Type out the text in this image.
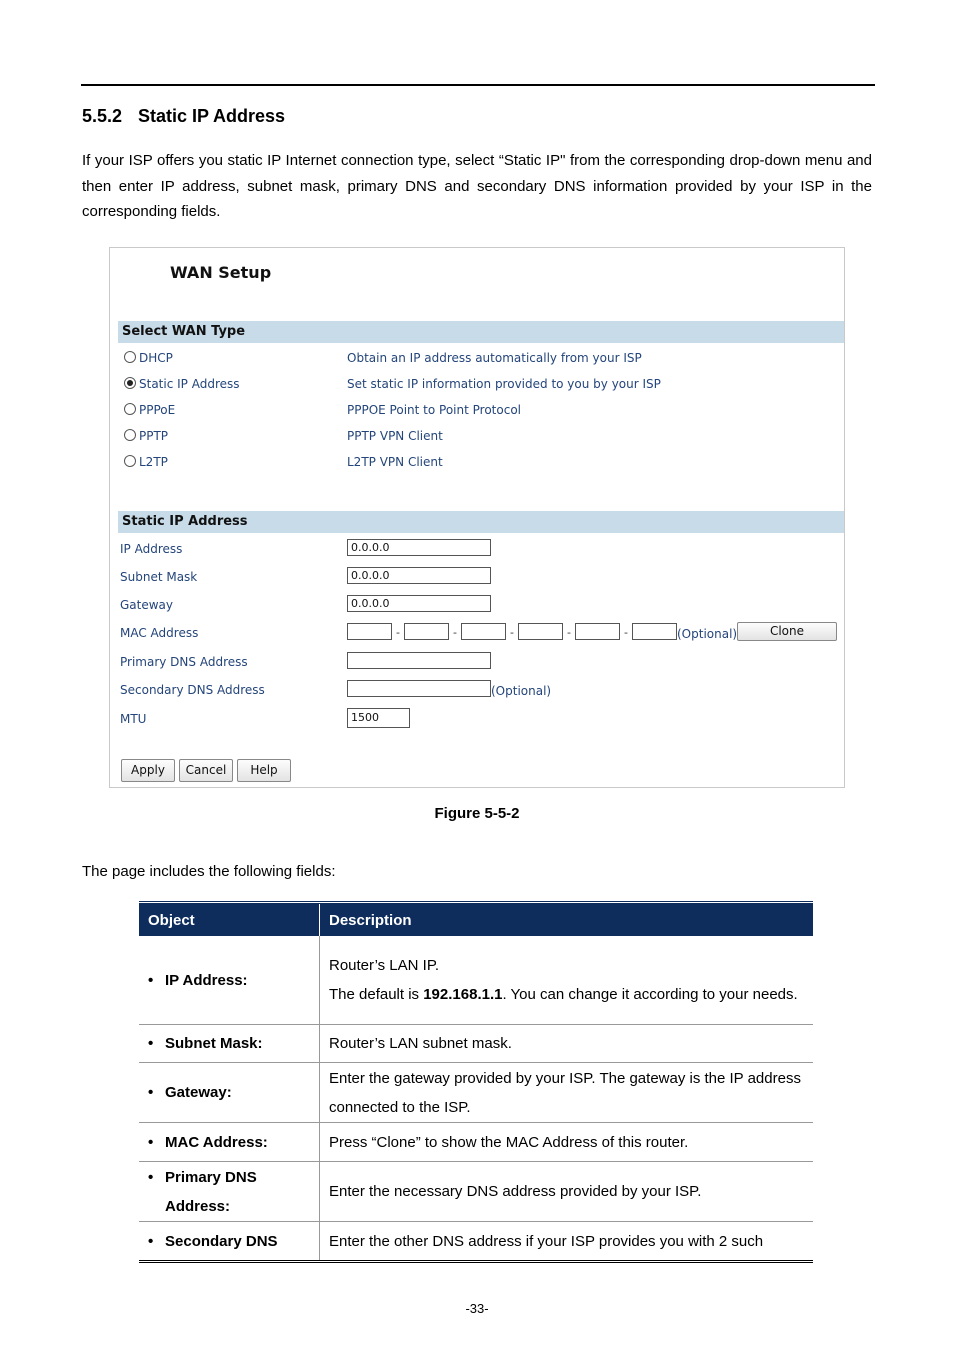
5.5.2 Static IP Address
If your ISP offers you static IP Internet connection type, select “Static IP" from the corresponding drop-down menu and then enter IP address, subnet mask, primary DNS and secondary DNS information provided by your ISP in the corresponding fields.
WAN Setup
Select WAN Type
DHCP	Obtain an IP address automatically from your ISP
Static IP Address	Set static IP information provided to you by your ISP
PPPoE	PPPOE Point to Point Protocol
PPTP	PPTP VPN Client
L2TP	L2TP VPN Client
Static IP Address
IP Address	0.0.0.0
Subnet Mask	0.0.0.0
Gateway	0.0.0.0
MAC Address	-	-	-	-	-	(Optional)	Clone
Primary DNS Address
Secondary DNS Address	(Optional)
MTU	1500
Apply	Cancel	Help
Figure 5-5-2
The page includes the following fields:
Object	Description
• IP Address:	Router’s LAN IP.
The default is 192.168.1.1. You can change it according to your needs.

• Subnet Mask:	Router’s LAN subnet mask.
• Gateway:	Enter the gateway provided by your ISP. The gateway is the IP address connected to the ISP.
• MAC Address:	Press “Clone” to show the MAC Address of this router.
• Primary DNS
Address:	Enter the necessary DNS address provided by your ISP.
• Secondary DNS	Enter the other DNS address if your ISP provides you with 2 such
-33-
